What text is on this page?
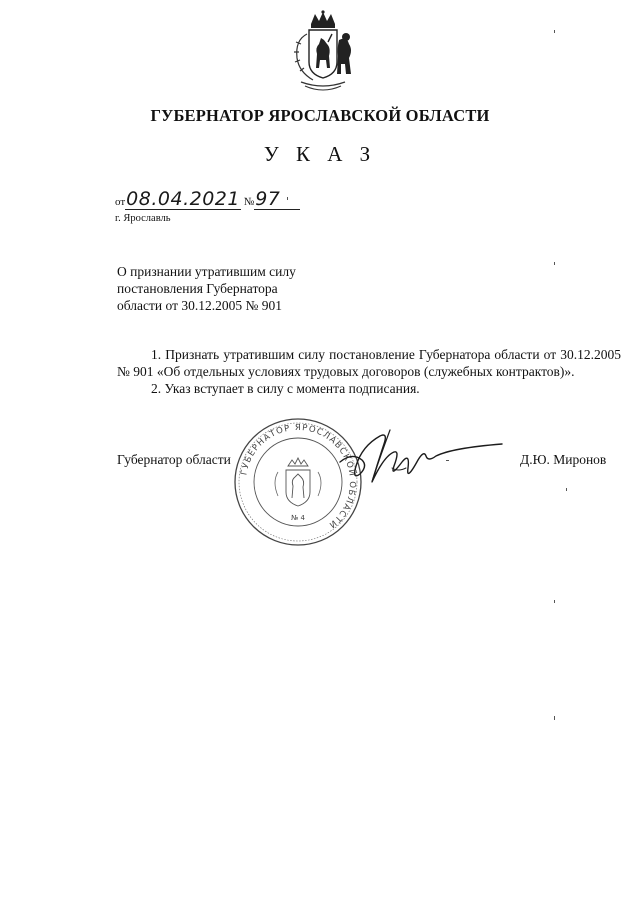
ГУБЕРНАТОР ЯРОСЛАВСКОЙ ОБЛАСТИ
У К А З
от08.04.2021 №97
г. Ярославль
О признании утратившим силу
постановления Губернатора
области от 30.12.2005 № 901

1. Признать утратившим силу постановление Губернатора области от 30.12.2005 № 901 «Об отдельных условиях трудовых договоров (служебных контрактов)».

2. Указ вступает в силу с момента подписания.

Губернатор области	Д.Ю. Миронов
ГУБЕРНАТОР ЯРОСЛАВСКОЙ ОБЛАСТИ
№ 4
